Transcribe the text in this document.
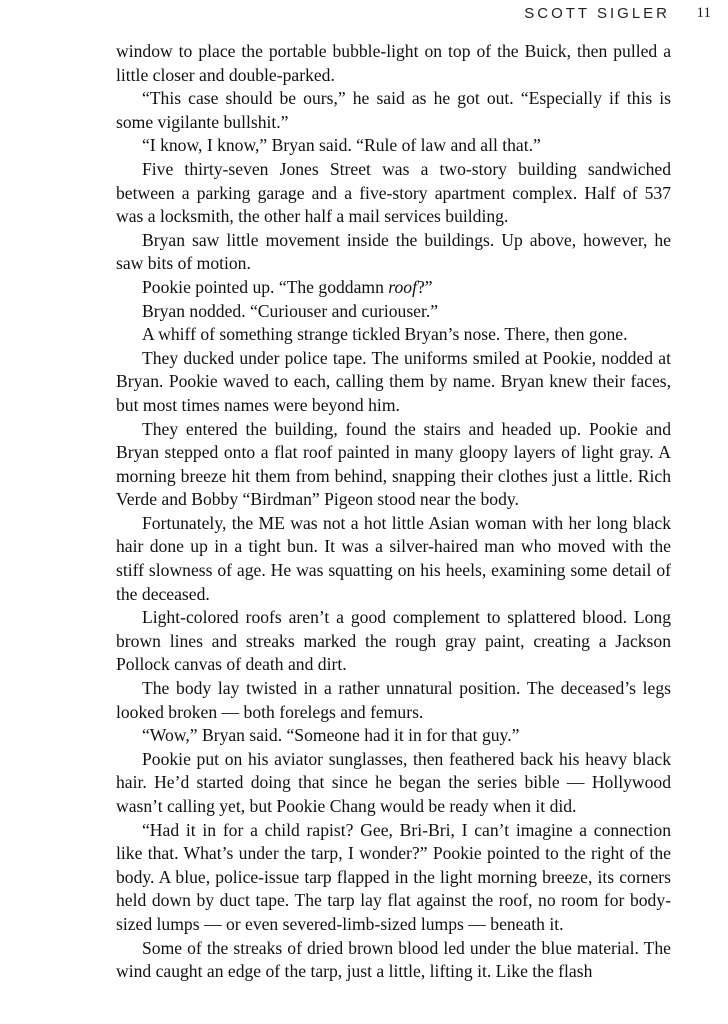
SCOTT SIGLER 11

window to place the portable bubble-light on top of the Buick, then pulled a little closer and double-parked.

“This case should be ours,” he said as he got out. “Especially if this is some vigilante bullshit.”

“I know, I know,” Bryan said. “Rule of law and all that.”

Five thirty-seven Jones Street was a two-story building sandwiched between a parking garage and a five-story apartment complex. Half of 537 was a locksmith, the other half a mail services building.

Bryan saw little movement inside the buildings. Up above, however, he saw bits of motion.

Pookie pointed up. “The goddamn roof?”

Bryan nodded. “Curiouser and curiouser.”

A whiff of something strange tickled Bryan’s nose. There, then gone.

They ducked under police tape. The uniforms smiled at Pookie, nodded at Bryan. Pookie waved to each, calling them by name. Bryan knew their faces, but most times names were beyond him.

They entered the building, found the stairs and headed up. Pookie and Bryan stepped onto a flat roof painted in many gloopy layers of light gray. A morning breeze hit them from behind, snapping their clothes just a little. Rich Verde and Bobby “Birdman” Pigeon stood near the body.

Fortunately, the ME was not a hot little Asian woman with her long black hair done up in a tight bun. It was a silver-haired man who moved with the stiff slowness of age. He was squatting on his heels, examining some detail of the deceased.

Light-colored roofs aren’t a good complement to splattered blood. Long brown lines and streaks marked the rough gray paint, creating a Jackson Pollock canvas of death and dirt.

The body lay twisted in a rather unnatural position. The deceased’s legs looked broken — both forelegs and femurs.

“Wow,” Bryan said. “Someone had it in for that guy.”

Pookie put on his aviator sunglasses, then feathered back his heavy black hair. He’d started doing that since he began the series bible — Hollywood wasn’t calling yet, but Pookie Chang would be ready when it did.

“Had it in for a child rapist? Gee, Bri-Bri, I can’t imagine a connection like that. What’s under the tarp, I wonder?” Pookie pointed to the right of the body. A blue, police-issue tarp flapped in the light morning breeze, its corners held down by duct tape. The tarp lay flat against the roof, no room for body-sized lumps — or even severed-limb-sized lumps — beneath it.

Some of the streaks of dried brown blood led under the blue material. The wind caught an edge of the tarp, just a little, lifting it. Like the flash
